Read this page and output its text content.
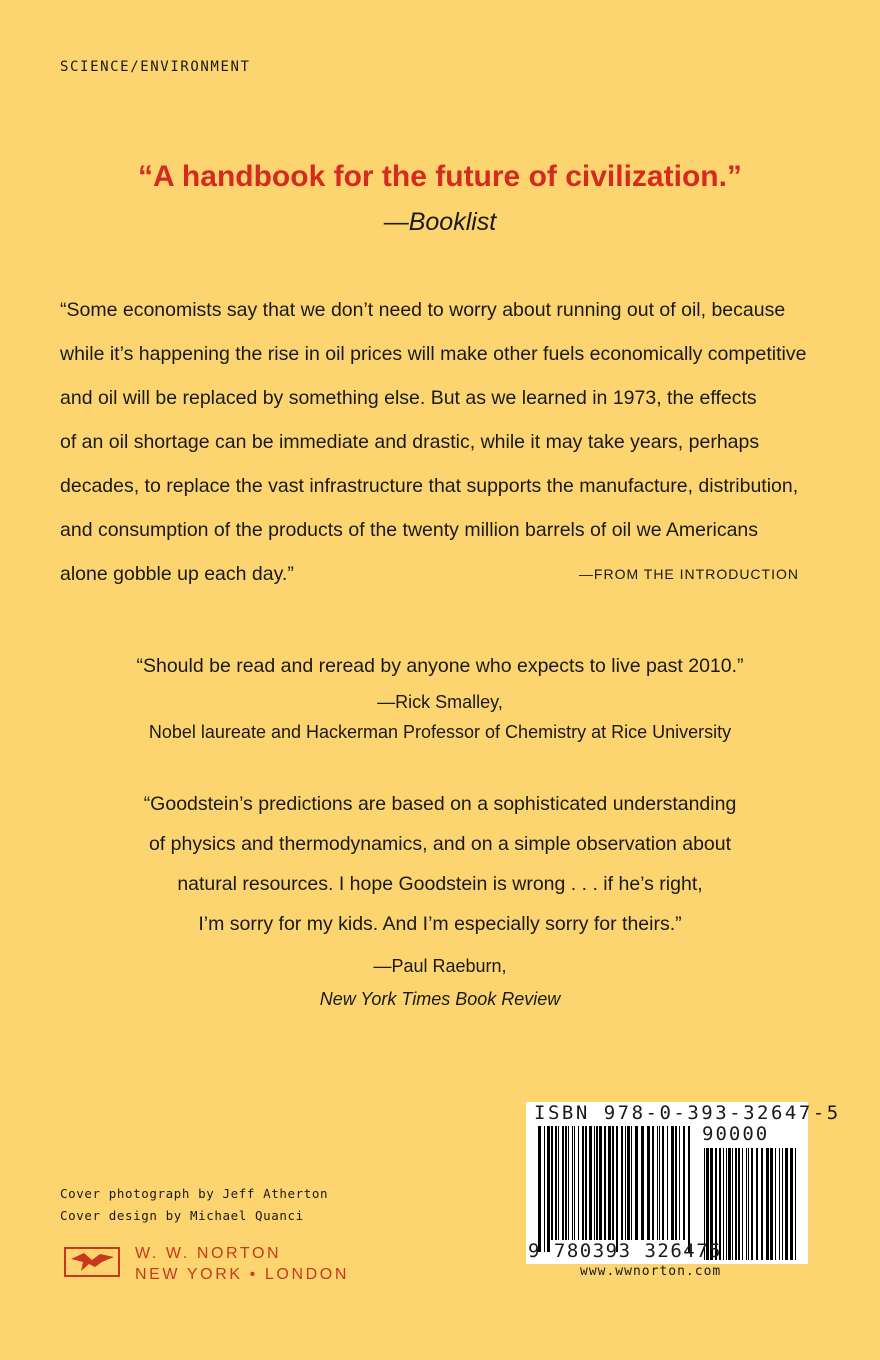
SCIENCE/ENVIRONMENT
“A handbook for the future of civilization.”
—Booklist
“Some economists say that we don’t need to worry about running out of oil, because
while it’s happening the rise in oil prices will make other fuels economically competitive
and oil will be replaced by something else. But as we learned in 1973, the effects
of an oil shortage can be immediate and drastic, while it may take years, perhaps
decades, to replace the vast infrastructure that supports the manufacture, distribution,
and consumption of the products of the twenty million barrels of oil we Americans
alone gobble up each day.”	—FROM THE INTRODUCTION
“Should be read and reread by anyone who expects to live past 2010.”
—Rick Smalley,
Nobel laureate and Hackerman Professor of Chemistry at Rice University
“Goodstein’s predictions are based on a sophisticated understanding
of physics and thermodynamics, and on a simple observation about
natural resources. I hope Goodstein is wrong . . . if he’s right,
I’m sorry for my kids. And I’m especially sorry for theirs.”
—Paul Raeburn,
New York Times Book Review
Cover photograph by Jeff Atherton
Cover design by Michael Quanci
W. W. NORTON
NEW YORK • LONDON
ISBN 978-0-393-32647-5
90000
9 780393 326475
www.wwnorton.com
